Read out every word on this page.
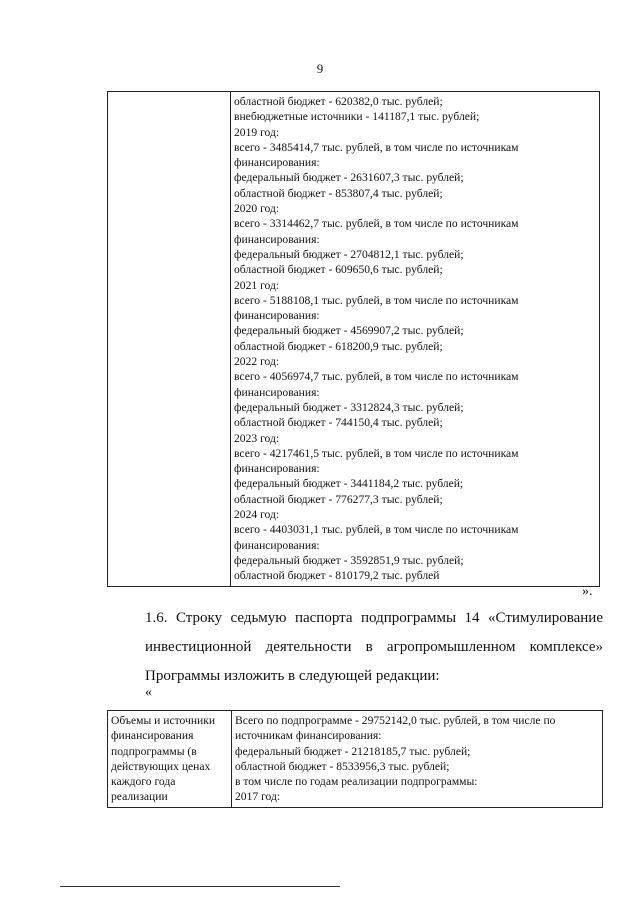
9

областной бюджет - 620382,0 тыс. рублей;
внебюджетные источники - 141187,1 тыс. рублей;
2019 год:
всего - 3485414,7 тыс. рублей, в том числе по источникам
финансирования:
федеральный бюджет - 2631607,3 тыс. рублей;
областной бюджет - 853807,4 тыс. рублей;
2020 год:
всего - 3314462,7 тыс. рублей, в том числе по источникам
финансирования:
федеральный бюджет - 2704812,1 тыс. рублей;
областной бюджет - 609650,6 тыс. рублей;
2021 год:
всего - 5188108,1 тыс. рублей, в том числе по источникам
финансирования:
федеральный бюджет - 4569907,2 тыс. рублей;
областной бюджет - 618200,9 тыс. рублей;
2022 год:
всего - 4056974,7 тыс. рублей, в том числе по источникам
финансирования:
федеральный бюджет - 3312824,3 тыс. рублей;
областной бюджет - 744150,4 тыс. рублей;
2023 год:
всего - 4217461,5 тыс. рублей, в том числе по источникам
финансирования:
федеральный бюджет - 3441184,2 тыс. рублей;
областной бюджет - 776277,3 тыс. рублей;
2024 год:
всего - 4403031,1 тыс. рублей, в том числе по источникам
финансирования:
федеральный бюджет - 3592851,9 тыс. рублей;
областной бюджет - 810179,2 тыс. рублей
».
1.6. Строку седьмую паспорта подпрограммы 14 «Стимулирование инвестиционной деятельности в агропромышленном комплексе» Программы изложить в следующей редакции:
«
Объемы и источники
финансирования
подпрограммы (в
действующих ценах
каждого года
реализации

Всего по подпрограмме - 29752142,0 тыс. рублей, в том числе по
источникам финансирования:
федеральный бюджет - 21218185,7 тыс. рублей;
областной бюджет - 8533956,3 тыс. рублей;
в том числе по годам реализации подпрограммы:
2017 год:
